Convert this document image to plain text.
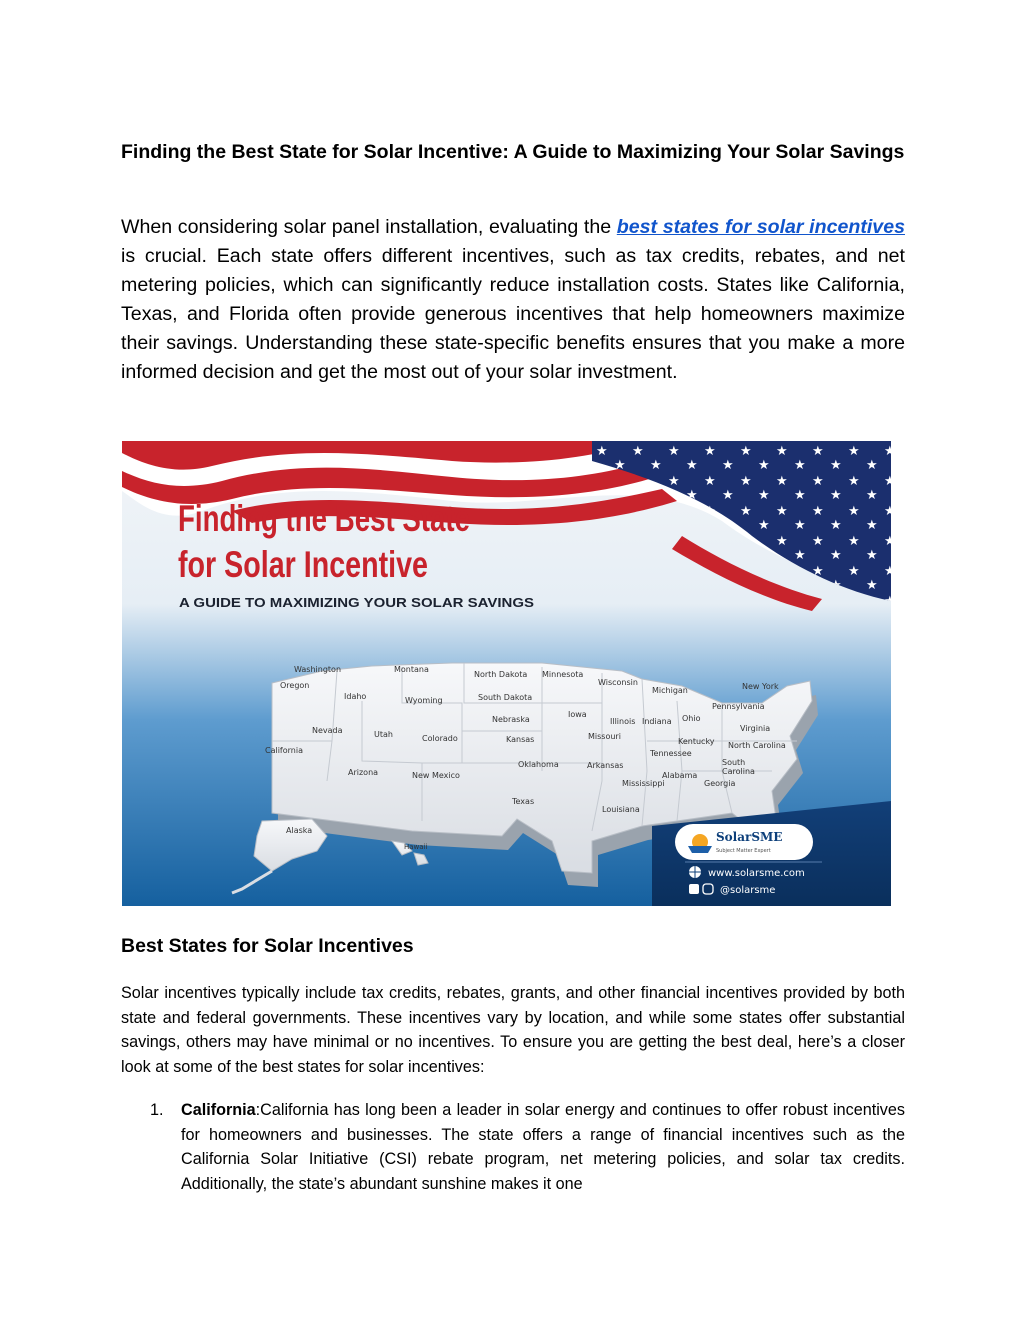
Finding the Best State for Solar Incentive: A Guide to Maximizing Your Solar Savings
When considering solar panel installation, evaluating the best states for solar incentives is crucial. Each state offers different incentives, such as tax credits, rebates, and net metering policies, which can significantly reduce installation costs. States like California, Texas, and Florida often provide generous incentives that help homeowners maximize their savings. Understanding these state-specific benefits ensures that you make a more informed decision and get the most out of your solar investment.
Finding the Best State
for Solar Incentive
A GUIDE TO MAXIMIZING YOUR SOLAR SAVINGS
Washington
Oregon
California
Montana
Idaho
Nevada
Wyoming
Utah	Colorado
Arizona	New Mexico
North Dakota
South Dakota
Nebraska
Kansas
Oklahoma
Texas
Minnesota
Iowa
Missouri
Arkansas
Louisiana
Wisconsin
Illinois Indiana
Michigan
Ohio
Kentucky
Tennessee
Mississippi
Alabama
Georgia
South
Carolina
North Carolina
Virginia
Pennsylvania
New York
Alaska
Hawaii
SolarSME
Subject Matter Expert
www.solarsme.com
@solarsme
Best States for Solar Incentives
Solar incentives typically include tax credits, rebates, grants, and other financial incentives provided by both state and federal governments. These incentives vary by location, and while some states offer substantial savings, others may have minimal or no incentives. To ensure you are getting the best deal, here’s a closer look at some of the best states for solar incentives:
1.	California:California has long been a leader in solar energy and continues to offer robust incentives for homeowners and businesses. The state offers a range of financial incentives such as the California Solar Initiative (CSI) rebate program, net metering policies, and solar tax credits. Additionally, the state’s abundant sunshine makes it one
